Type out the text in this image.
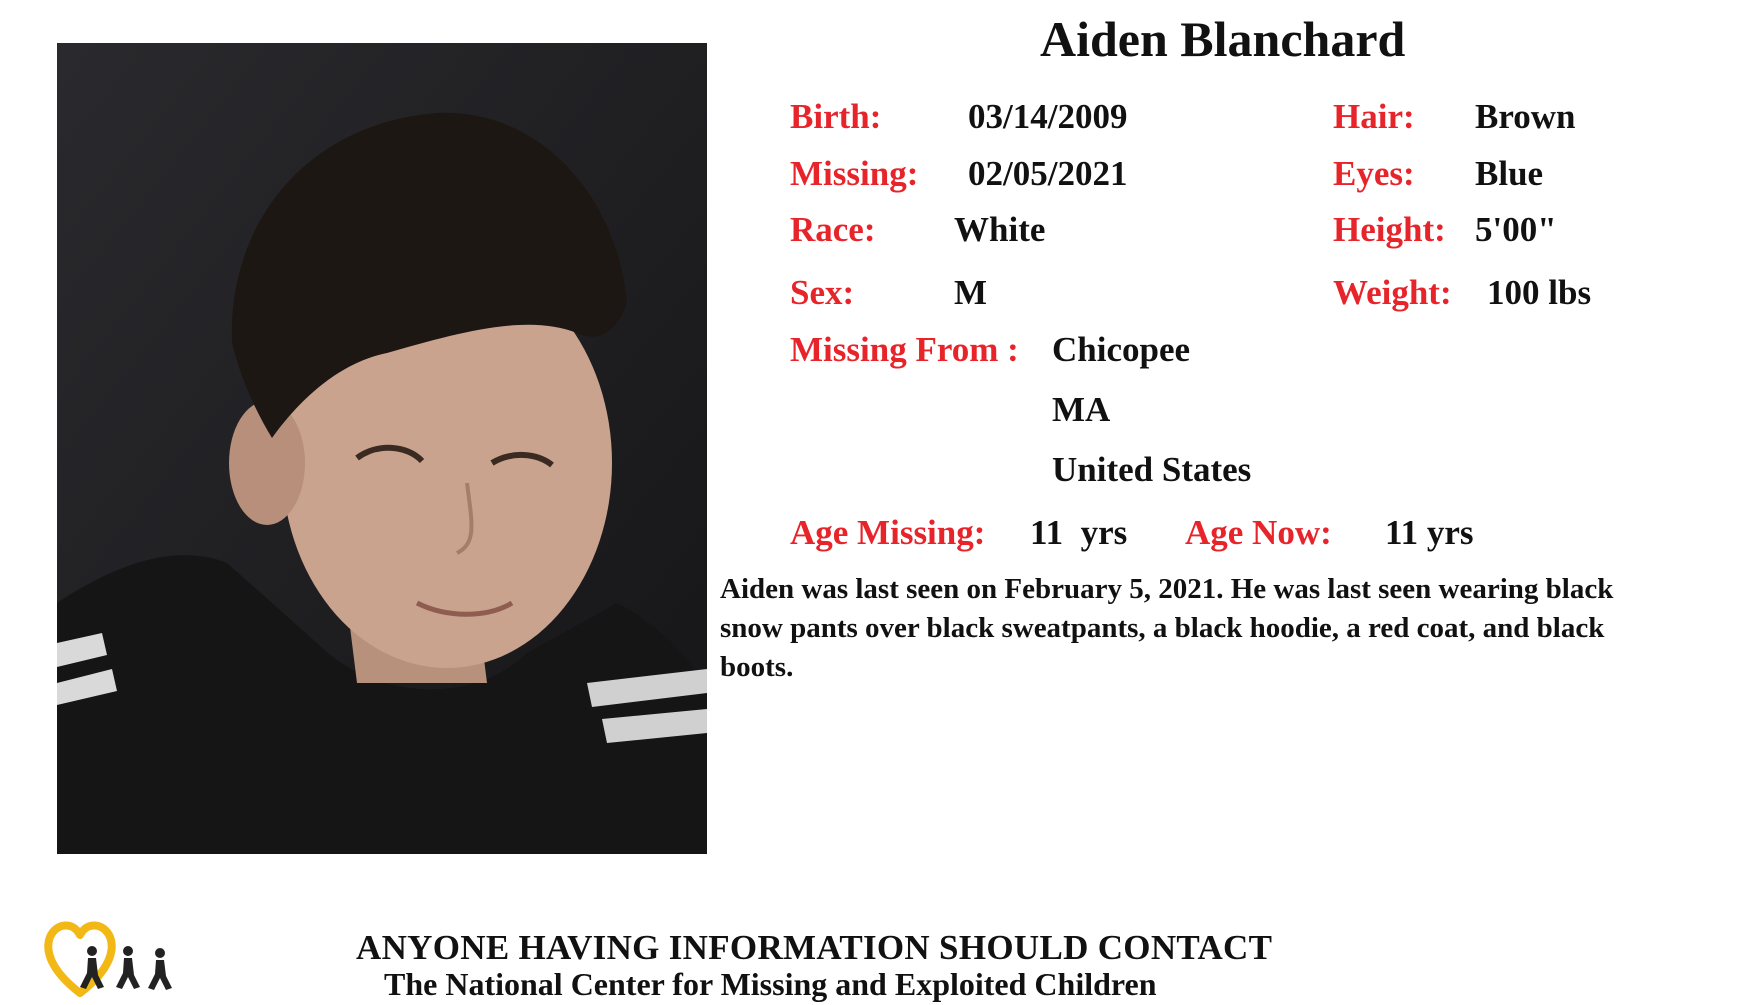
Aiden Blanchard
Birth: 03/14/2009
Missing: 02/05/2021
Race: White
Sex:	M
Hair: Brown
Eyes: Blue
Height: 5'00"
Weight: 100 lbs
Missing From : Chicopee
MA
United States
Age Missing: 11  yrs Age Now: 11 yrs
Aiden was last seen on February 5, 2021. He was last seen wearing black snow pants over black sweatpants, a black hoodie, a red coat, and black boots.
ANYONE HAVING INFORMATION SHOULD CONTACT
The National Center for Missing and Exploited Children
